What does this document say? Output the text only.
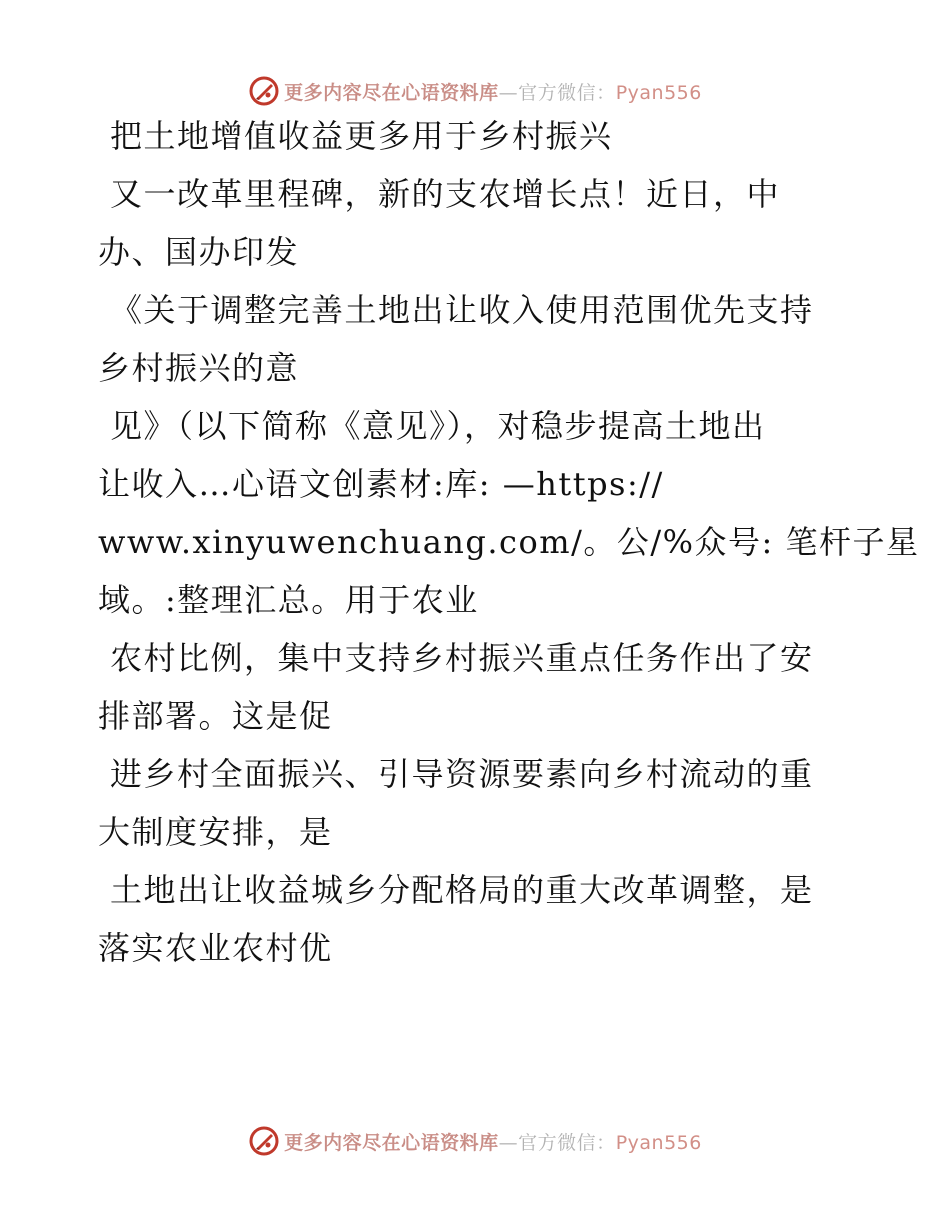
更多内容尽在心语资料库—官方微信：Pyan556
把土地增值收益更多用于乡村振兴
又一改革里程碑，新的支农增长点！近日，中
办、国办印发
《关于调整完善土地出让收入使用范围优先支持
乡村振兴的意
见》（以下简称《意见》），对稳步提高土地出
让收入…心语文创素材:库: —https://
www.xinyuwenchuang.com/。公/%众号: 笔杆子星
域。:整理汇总。用于农业
农村比例，集中支持乡村振兴重点任务作出了安
排部署。这是促
进乡村全面振兴、引导资源要素向乡村流动的重
大制度安排，是
土地出让收益城乡分配格局的重大改革调整，是
落实农业农村优
更多内容尽在心语资料库—官方微信：Pyan556
